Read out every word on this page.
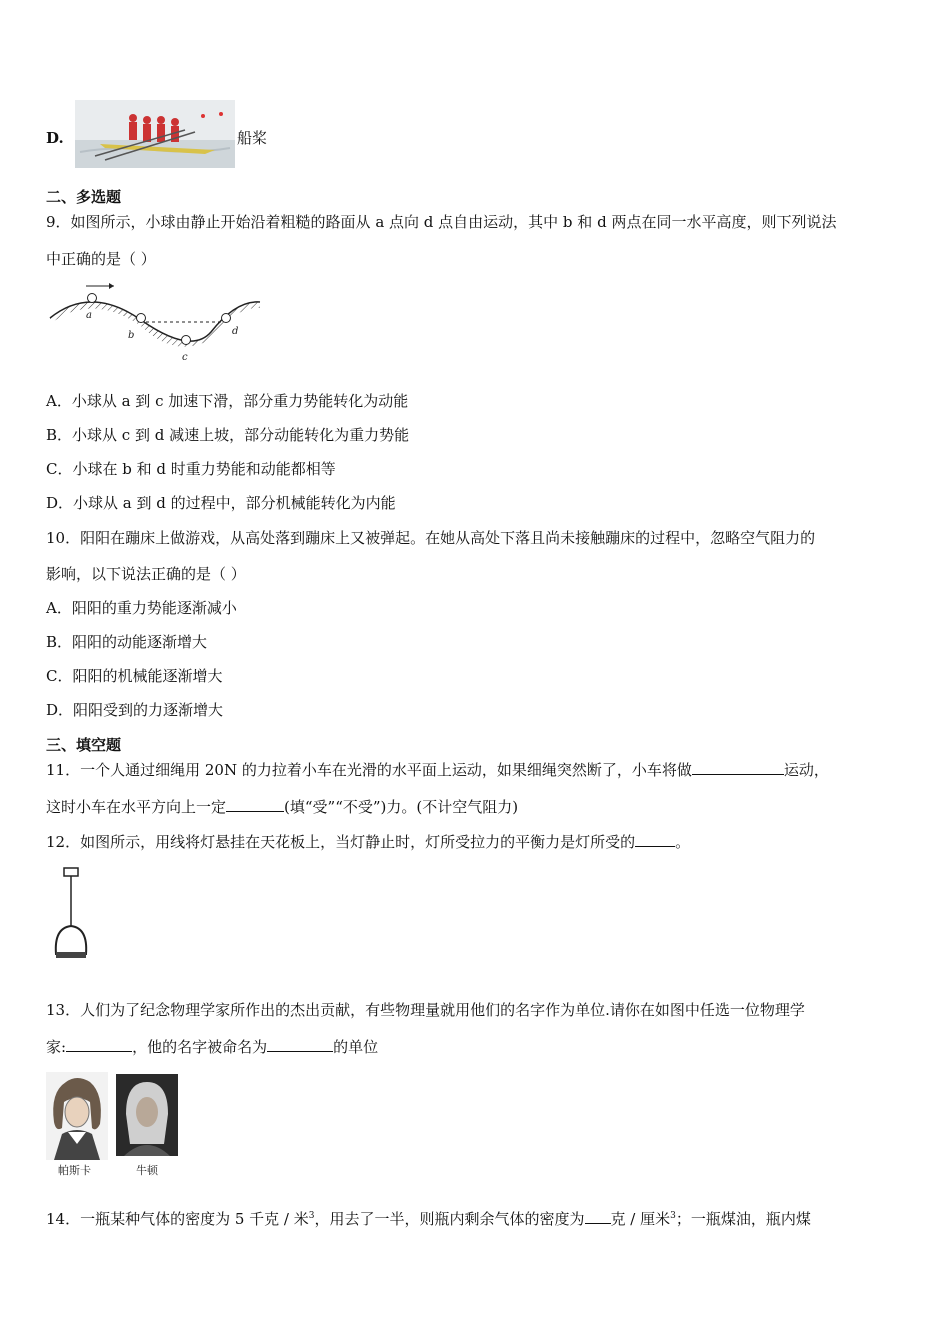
D.	船桨
二、多选题
9．如图所示，小球由静止开始沿着粗糙的路面从 a 点向 d 点自由运动，其中 b 和 d 两点在同一水平高度，则下列说法
中正确的是（ ）
a
b
c
d
A．小球从 a 到 c 加速下滑，部分重力势能转化为动能
B．小球从 c 到 d 减速上坡，部分动能转化为重力势能
C．小球在 b 和 d 时重力势能和动能都相等
D．小球从 a 到 d 的过程中，部分机械能转化为内能
10．阳阳在蹦床上做游戏，从高处落到蹦床上又被弹起。在她从高处下落且尚未接触蹦床的过程中，忽略空气阻力的
影响，以下说法正确的是（ ）
A．阳阳的重力势能逐渐减小
B．阳阳的动能逐渐增大
C．阳阳的机械能逐渐增大
D．阳阳受到的力逐渐增大
三、填空题
11．一个人通过细绳用 20N 的力拉着小车在光滑的水平面上运动，如果细绳突然断了，小车将做	运动，
这时小车在水平方向上一定	(填“受”“不受”)力。(不计空气阻力)
12．如图所示，用线将灯悬挂在天花板上，当灯静止时，灯所受拉力的平衡力是灯所受的	。
13．人们为了纪念物理学家所作出的杰出贡献，有些物理量就用他们的名字作为单位.请你在如图中任选一位物理学
家:	，他的名字被命名为	的单位
帕斯卡	牛顿
14．一瓶某种气体的密度为 5 千克 / 米$^3$，用去了一半，则瓶内剩余气体的密度为 克 / 厘米$^3$；一瓶煤油，瓶内煤
